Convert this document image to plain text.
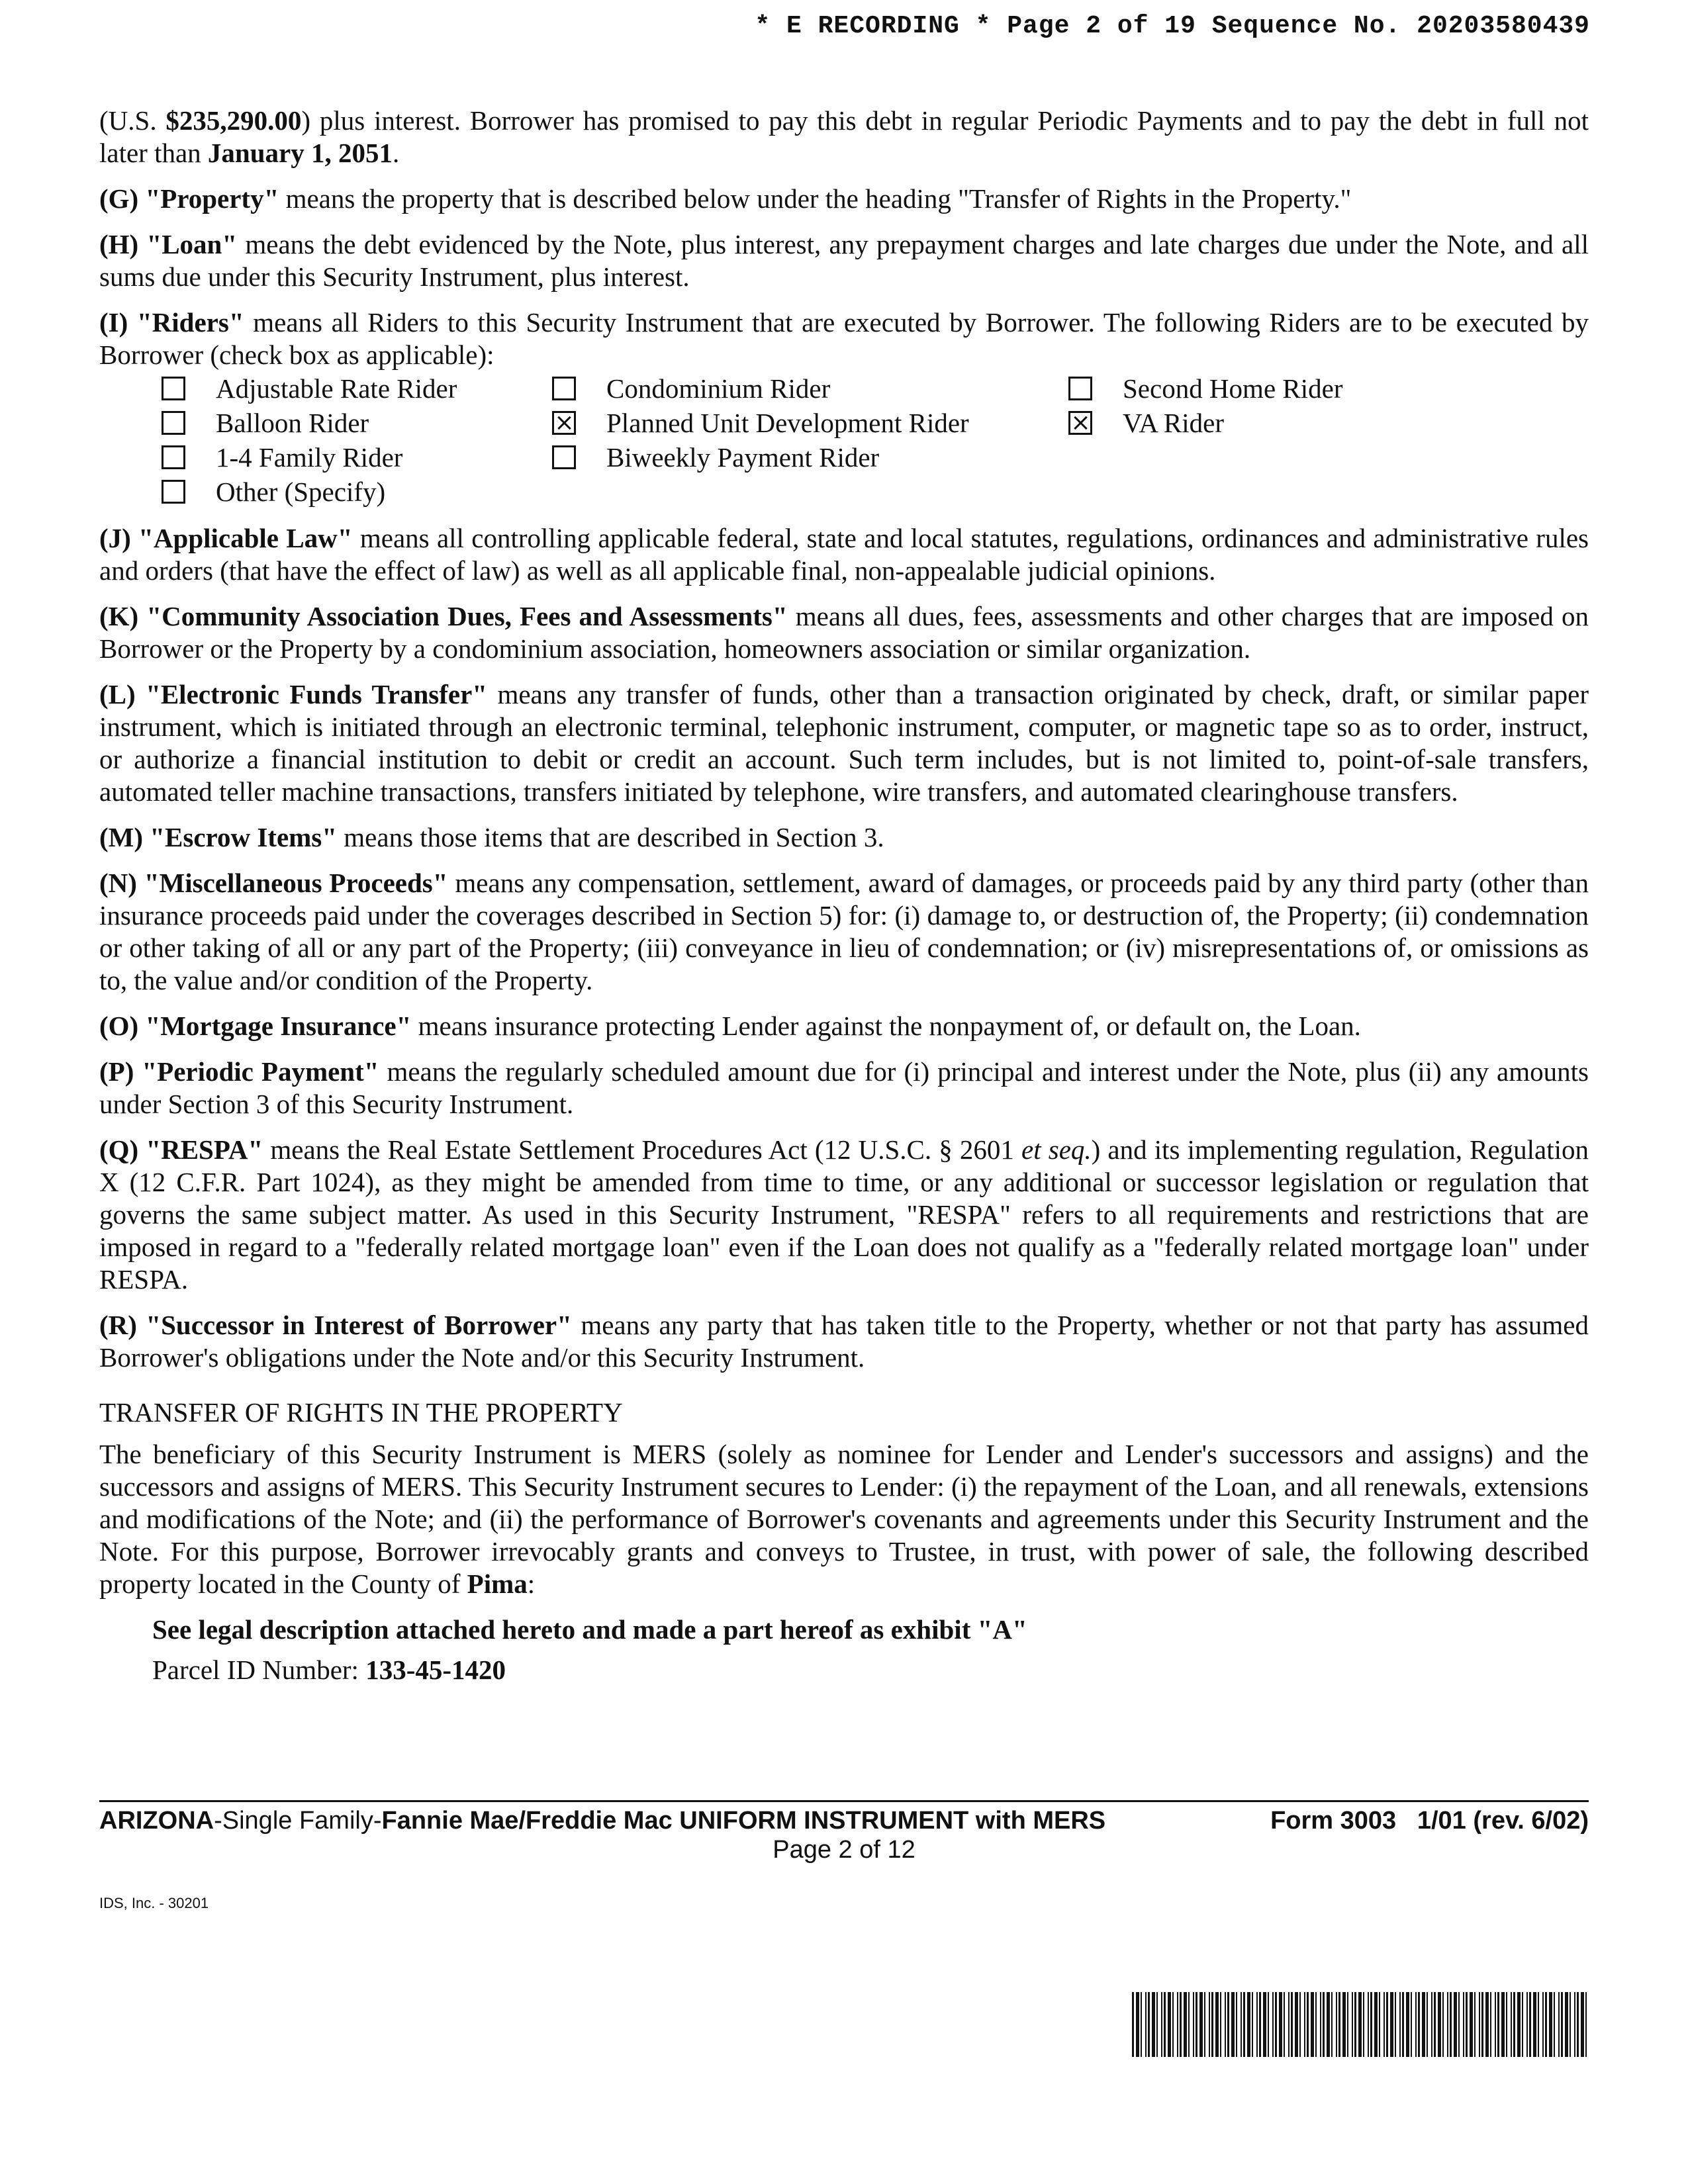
* E RECORDING * Page 2 of 19 Sequence No. 20203580439

(U.S. $235,290.00) plus interest. Borrower has promised to pay this debt in regular Periodic Payments and to pay the debt in full not later than January 1, 2051.

(G) "Property" means the property that is described below under the heading "Transfer of Rights in the Property."

(H) "Loan" means the debt evidenced by the Note, plus interest, any prepayment charges and late charges due under the Note, and all sums due under this Security Instrument, plus interest.

(I) "Riders" means all Riders to this Security Instrument that are executed by Borrower. The following Riders are to be executed by Borrower (check box as applicable):

Adjustable Rate Rider	Condominium Rider	Second Home Rider
Balloon Rider	Planned Unit Development Rider	VA Rider
1-4 Family Rider	Biweekly Payment Rider
Other (Specify)

(J) "Applicable Law" means all controlling applicable federal, state and local statutes, regulations, ordinances and administrative rules and orders (that have the effect of law) as well as all applicable final, non-appealable judicial opinions.

(K) "Community Association Dues, Fees and Assessments" means all dues, fees, assessments and other charges that are imposed on Borrower or the Property by a condominium association, homeowners association or similar organization.

(L) "Electronic Funds Transfer" means any transfer of funds, other than a transaction originated by check, draft, or similar paper instrument, which is initiated through an electronic terminal, telephonic instrument, computer, or magnetic tape so as to order, instruct, or authorize a financial institution to debit or credit an account. Such term includes, but is not limited to, point-of-sale transfers, automated teller machine transactions, transfers initiated by telephone, wire transfers, and automated clearinghouse transfers.

(M) "Escrow Items" means those items that are described in Section 3.

(N) "Miscellaneous Proceeds" means any compensation, settlement, award of damages, or proceeds paid by any third party (other than insurance proceeds paid under the coverages described in Section 5) for: (i) damage to, or destruction of, the Property; (ii) condemnation or other taking of all or any part of the Property; (iii) conveyance in lieu of condemnation; or (iv) misrepresentations of, or omissions as to, the value and/or condition of the Property.

(O) "Mortgage Insurance" means insurance protecting Lender against the nonpayment of, or default on, the Loan.

(P) "Periodic Payment" means the regularly scheduled amount due for (i) principal and interest under the Note, plus (ii) any amounts under Section 3 of this Security Instrument.

(Q) "RESPA" means the Real Estate Settlement Procedures Act (12 U.S.C. § 2601 et seq.) and its implementing regulation, Regulation X (12 C.F.R. Part 1024), as they might be amended from time to time, or any additional or successor legislation or regulation that governs the same subject matter. As used in this Security Instrument, "RESPA" refers to all requirements and restrictions that are imposed in regard to a "federally related mortgage loan" even if the Loan does not qualify as a "federally related mortgage loan" under RESPA.

(R) "Successor in Interest of Borrower" means any party that has taken title to the Property, whether or not that party has assumed Borrower's obligations under the Note and/or this Security Instrument.

TRANSFER OF RIGHTS IN THE PROPERTY

The beneficiary of this Security Instrument is MERS (solely as nominee for Lender and Lender's successors and assigns) and the successors and assigns of MERS. This Security Instrument secures to Lender: (i) the repayment of the Loan, and all renewals, extensions and modifications of the Note; and (ii) the performance of Borrower's covenants and agreements under this Security Instrument and the Note. For this purpose, Borrower irrevocably grants and conveys to Trustee, in trust, with power of sale, the following described property located in the County of Pima:

See legal description attached hereto and made a part hereof as exhibit "A"

Parcel ID Number: 133-45-1420

ARIZONA-Single Family-Fannie Mae/Freddie Mac UNIFORM INSTRUMENT with MERS	Form 3003   1/01 (rev. 6/02)
Page 2 of 12
IDS, Inc. - 30201
